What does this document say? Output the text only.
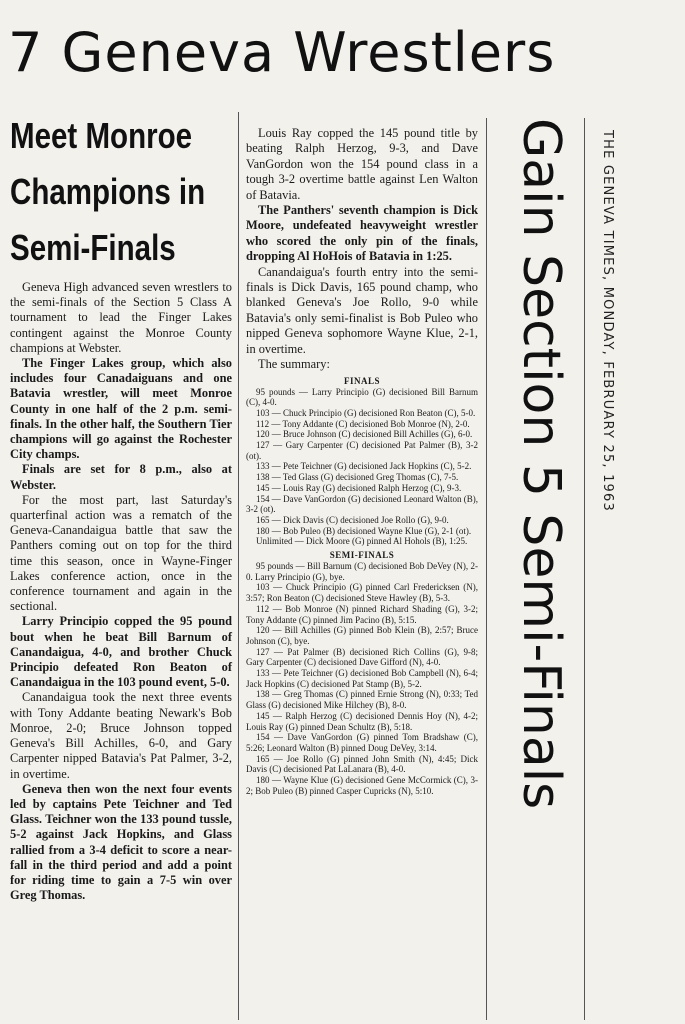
7 Geneva Wrestlers
Meet Monroe
Champions in
Semi-Finals

Geneva High advanced seven wrestlers to the semi-finals of the Section 5 Class A tournament to lead the Finger Lakes contingent against the Monroe County champions at Webster.

The Finger Lakes group, which also includes four Canadaiguans and one Batavia wrestler, will meet Monroe County in one half of the 2 p.m. semi-finals. In the other half, the Southern Tier champions will go against the Rochester City champs.

Finals are set for 8 p.m., also at Webster.

For the most part, last Saturday's quarterfinal action was a rematch of the Geneva-Canandaigua battle that saw the Panthers coming out on top for the third time this season, once in Wayne-Finger Lakes conference action, once in the conference tournament and again in the sectional.

Larry Principio copped the 95 pound bout when he beat Bill Barnum of Canandaigua, 4-0, and brother Chuck Principio defeated Ron Beaton of Canandaigua in the 103 pound event, 5-0.

Canandaigua took the next three events with Tony Addante beating Newark's Bob Monroe, 2-0; Bruce Johnson topped Geneva's Bill Achilles, 6-0, and Gary Carpenter nipped Batavia's Pat Palmer, 3-2, in overtime.

Geneva then won the next four events led by captains Pete Teichner and Ted Glass. Teichner won the 133 pound tussle, 5-2 against Jack Hopkins, and Glass rallied from a 3-4 deficit to score a near-fall in the third period and add a point for riding time to gain a 7-5 win over Greg Thomas.

Louis Ray copped the 145 pound title by beating Ralph Herzog, 9-3, and Dave VanGordon won the 154 pound class in a tough 3-2 overtime battle against Len Walton of Batavia.

The Panthers' seventh champion is Dick Moore, undefeated heavyweight wrestler who scored the only pin of the finals, dropping Al HoHois of Batavia in 1:25.

Canandaigua's fourth entry into the semi-finals is Dick Davis, 165 pound champ, who blanked Geneva's Joe Rollo, 9-0 while Batavia's only semi-finalist is Bob Puleo who nipped Geneva sophomore Wayne Klue, 2-1, in overtime.

The summary:

FINALS

95 pounds — Larry Principio (G) decisioned Bill Barnum (C), 4-0.

103 — Chuck Principio (G) decisioned Ron Beaton (C), 5-0.

112 — Tony Addante (C) decisioned Bob Monroe (N), 2-0.

120 — Bruce Johnson (C) decisioned Bill Achilles (G), 6-0.

127 — Gary Carpenter (C) decisioned Pat Palmer (B), 3-2 (ot).

133 — Pete Teichner (G) decisioned Jack Hopkins (C), 5-2.

138 — Ted Glass (G) decisioned Greg Thomas (C), 7-5.

145 — Louis Ray (G) decisioned Ralph Herzog (C), 9-3.

154 — Dave VanGordon (G) decisioned Leonard Walton (B), 3-2 (ot).

165 — Dick Davis (C) decisioned Joe Rollo (G), 9-0.

180 — Bob Puleo (B) decisioned Wayne Klue (G), 2-1 (ot).

Unlimited — Dick Moore (G) pinned Al Hohols (B), 1:25.

SEMI-FINALS

95 pounds — Bill Barnum (C) decisioned Bob DeVey (N), 2-0. Larry Principio (G), bye.

103 — Chuck Principio (G) pinned Carl Fredericksen (N), 3:57; Ron Beaton (C) decisioned Steve Hawley (B), 5-3.

112 — Bob Monroe (N) pinned Richard Shading (G), 3-2; Tony Addante (C) pinned Jim Pacino (B), 5:15.

120 — Bill Achilles (G) pinned Bob Klein (B), 2:57; Bruce Johnson (C), bye.

127 — Pat Palmer (B) decisioned Rich Collins (G), 9-8; Gary Carpenter (C) decisioned Dave Gifford (N), 4-0.

133 — Pete Teichner (G) decisioned Bob Campbell (N), 6-4; Jack Hopkins (C) decisioned Pat Stamp (B), 5-2.

138 — Greg Thomas (C) pinned Ernie Strong (N), 0:33; Ted Glass (G) decisioned Mike Hilchey (B), 8-0.

145 — Ralph Herzog (C) decisioned Dennis Hoy (N), 4-2; Louis Ray (G) pinned Dean Schultz (B), 5:18.

154 — Dave VanGordon (G) pinned Tom Bradshaw (C), 5:26; Leonard Walton (B) pinned Doug DeVey, 3:14.

165 — Joe Rollo (G) pinned John Smith (N), 4:45; Dick Davis (C) decisioned Pat LaLanara (B), 4-0.

180 — Wayne Klue (G) decisioned Gene McCormick (C), 3-2; Bob Puleo (B) pinned Casper Cupricks (N), 5:10.	Gain Section 5 Semi-Finals	THE GENEVA TIMES, MONDAY, FEBRUARY 25, 1963
